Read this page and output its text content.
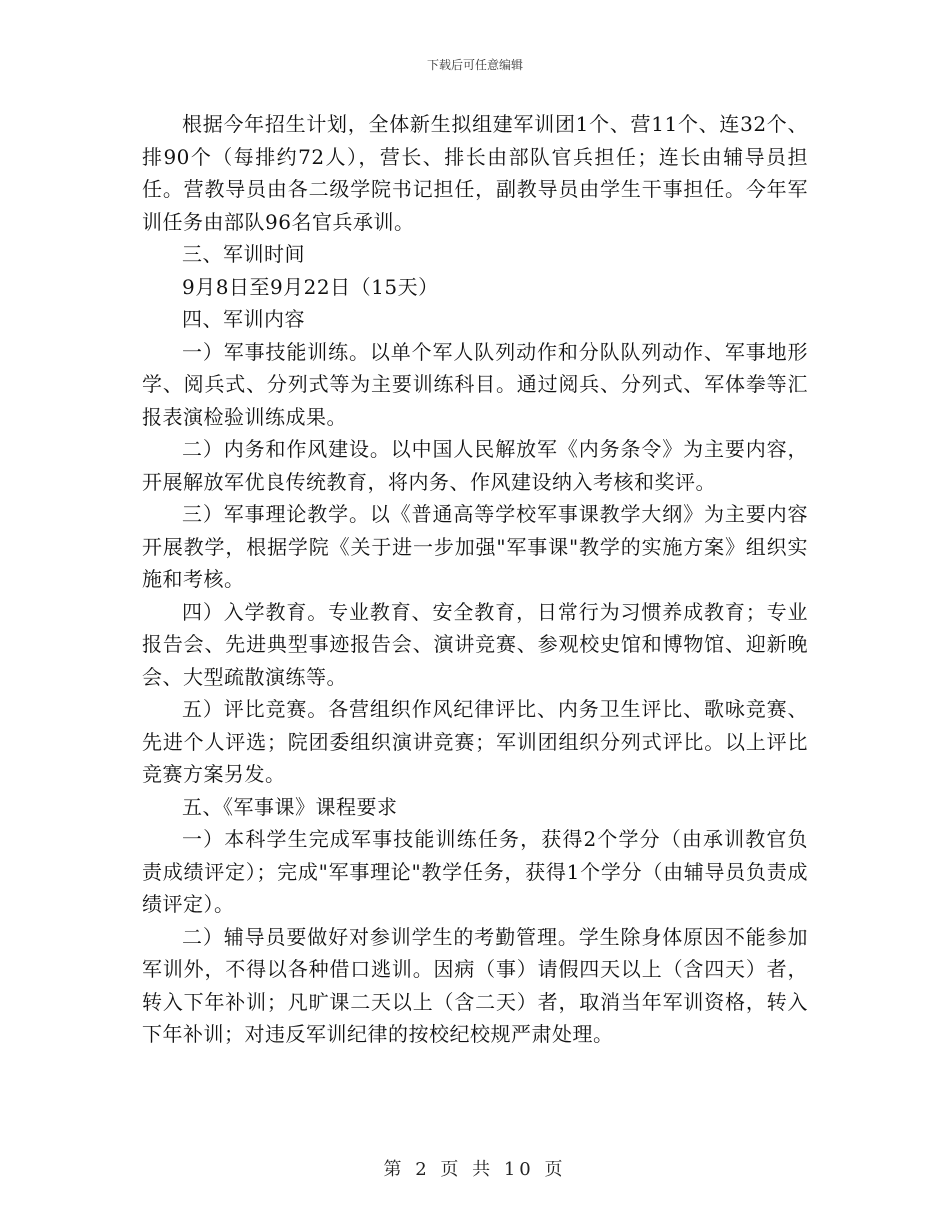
下载后可任意编辑

根据今年招生计划，全体新生拟组建军训团1个、营11个、连32个、排90个（每排约72人），营长、排长由部队官兵担任；连长由辅导员担任。营教导员由各二级学院书记担任，副教导员由学生干事担任。今年军训任务由部队96名官兵承训。

三、军训时间

9月8日至9月22日（15天）

四、军训内容

一）军事技能训练。以单个军人队列动作和分队队列动作、军事地形学、阅兵式、分列式等为主要训练科目。通过阅兵、分列式、军体拳等汇报表演检验训练成果。

二）内务和作风建设。以中国人民解放军《内务条令》为主要内容，开展解放军优良传统教育，将内务、作风建设纳入考核和奖评。

三）军事理论教学。以《普通高等学校军事课教学大纲》为主要内容开展教学，根据学院《关于进一步加强"军事课"教学的实施方案》组织实施和考核。

四）入学教育。专业教育、安全教育，日常行为习惯养成教育；专业报告会、先进典型事迹报告会、演讲竞赛、参观校史馆和博物馆、迎新晚会、大型疏散演练等。

五）评比竞赛。各营组织作风纪律评比、内务卫生评比、歌咏竞赛、先进个人评选；院团委组织演讲竞赛；军训团组织分列式评比。以上评比竞赛方案另发。

五、《军事课》课程要求

一）本科学生完成军事技能训练任务，获得2个学分（由承训教官负责成绩评定）；完成"军事理论"教学任务，获得1个学分（由辅导员负责成绩评定）。

二）辅导员要做好对参训学生的考勤管理。学生除身体原因不能参加军训外，不得以各种借口逃训。因病（事）请假四天以上（含四天）者，转入下年补训；凡旷课二天以上（含二天）者，取消当年军训资格，转入下年补训；对违反军训纪律的按校纪校规严肃处理。

第 2 页 共 10 页
